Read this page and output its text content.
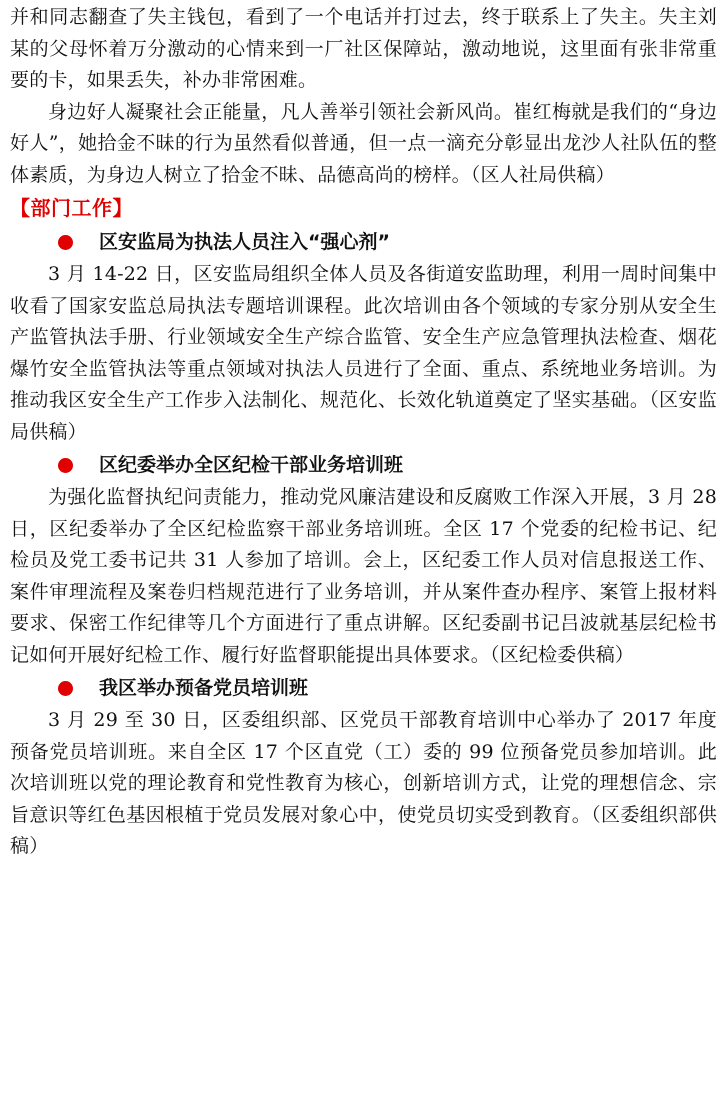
并和同志翻查了失主钱包，看到了一个电话并打过去，终于联系上了失主。失主刘某的父母怀着万分激动的心情来到一厂社区保障站，激动地说，这里面有张非常重要的卡，如果丢失，补办非常困难。

身边好人凝聚社会正能量，凡人善举引领社会新风尚。崔红梅就是我们的“身边好人”，她拾金不昧的行为虽然看似普通，但一点一滴充分彰显出龙沙人社队伍的整体素质，为身边人树立了拾金不昧、品德高尚的榜样。（区人社局供稿）

【部门工作】

区安监局为执法人员注入“强心剂”

3 月 14-22 日，区安监局组织全体人员及各街道安监助理，利用一周时间集中收看了国家安监总局执法专题培训课程。此次培训由各个领域的专家分别从安全生产监管执法手册、行业领域安全生产综合监管、安全生产应急管理执法检查、烟花爆竹安全监管执法等重点领域对执法人员进行了全面、重点、系统地业务培训。为推动我区安全生产工作步入法制化、规范化、长效化轨道奠定了坚实基础。（区安监局供稿）

区纪委举办全区纪检干部业务培训班

为强化监督执纪问责能力，推动党风廉洁建设和反腐败工作深入开展，3 月 28 日，区纪委举办了全区纪检监察干部业务培训班。全区 17 个党委的纪检书记、纪检员及党工委书记共 31 人参加了培训。会上，区纪委工作人员对信息报送工作、案件审理流程及案卷归档规范进行了业务培训，并从案件查办程序、案管上报材料要求、保密工作纪律等几个方面进行了重点讲解。区纪委副书记吕波就基层纪检书记如何开展好纪检工作、履行好监督职能提出具体要求。（区纪检委供稿）

我区举办预备党员培训班

3 月 29 至 30 日，区委组织部、区党员干部教育培训中心举办了 2017 年度预备党员培训班。来自全区 17 个区直党（工）委的 99 位预备党员参加培训。此次培训班以党的理论教育和党性教育为核心，创新培训方式，让党的理想信念、宗旨意识等红色基因根植于党员发展对象心中，使党员切实受到教育。（区委组织部供稿）
